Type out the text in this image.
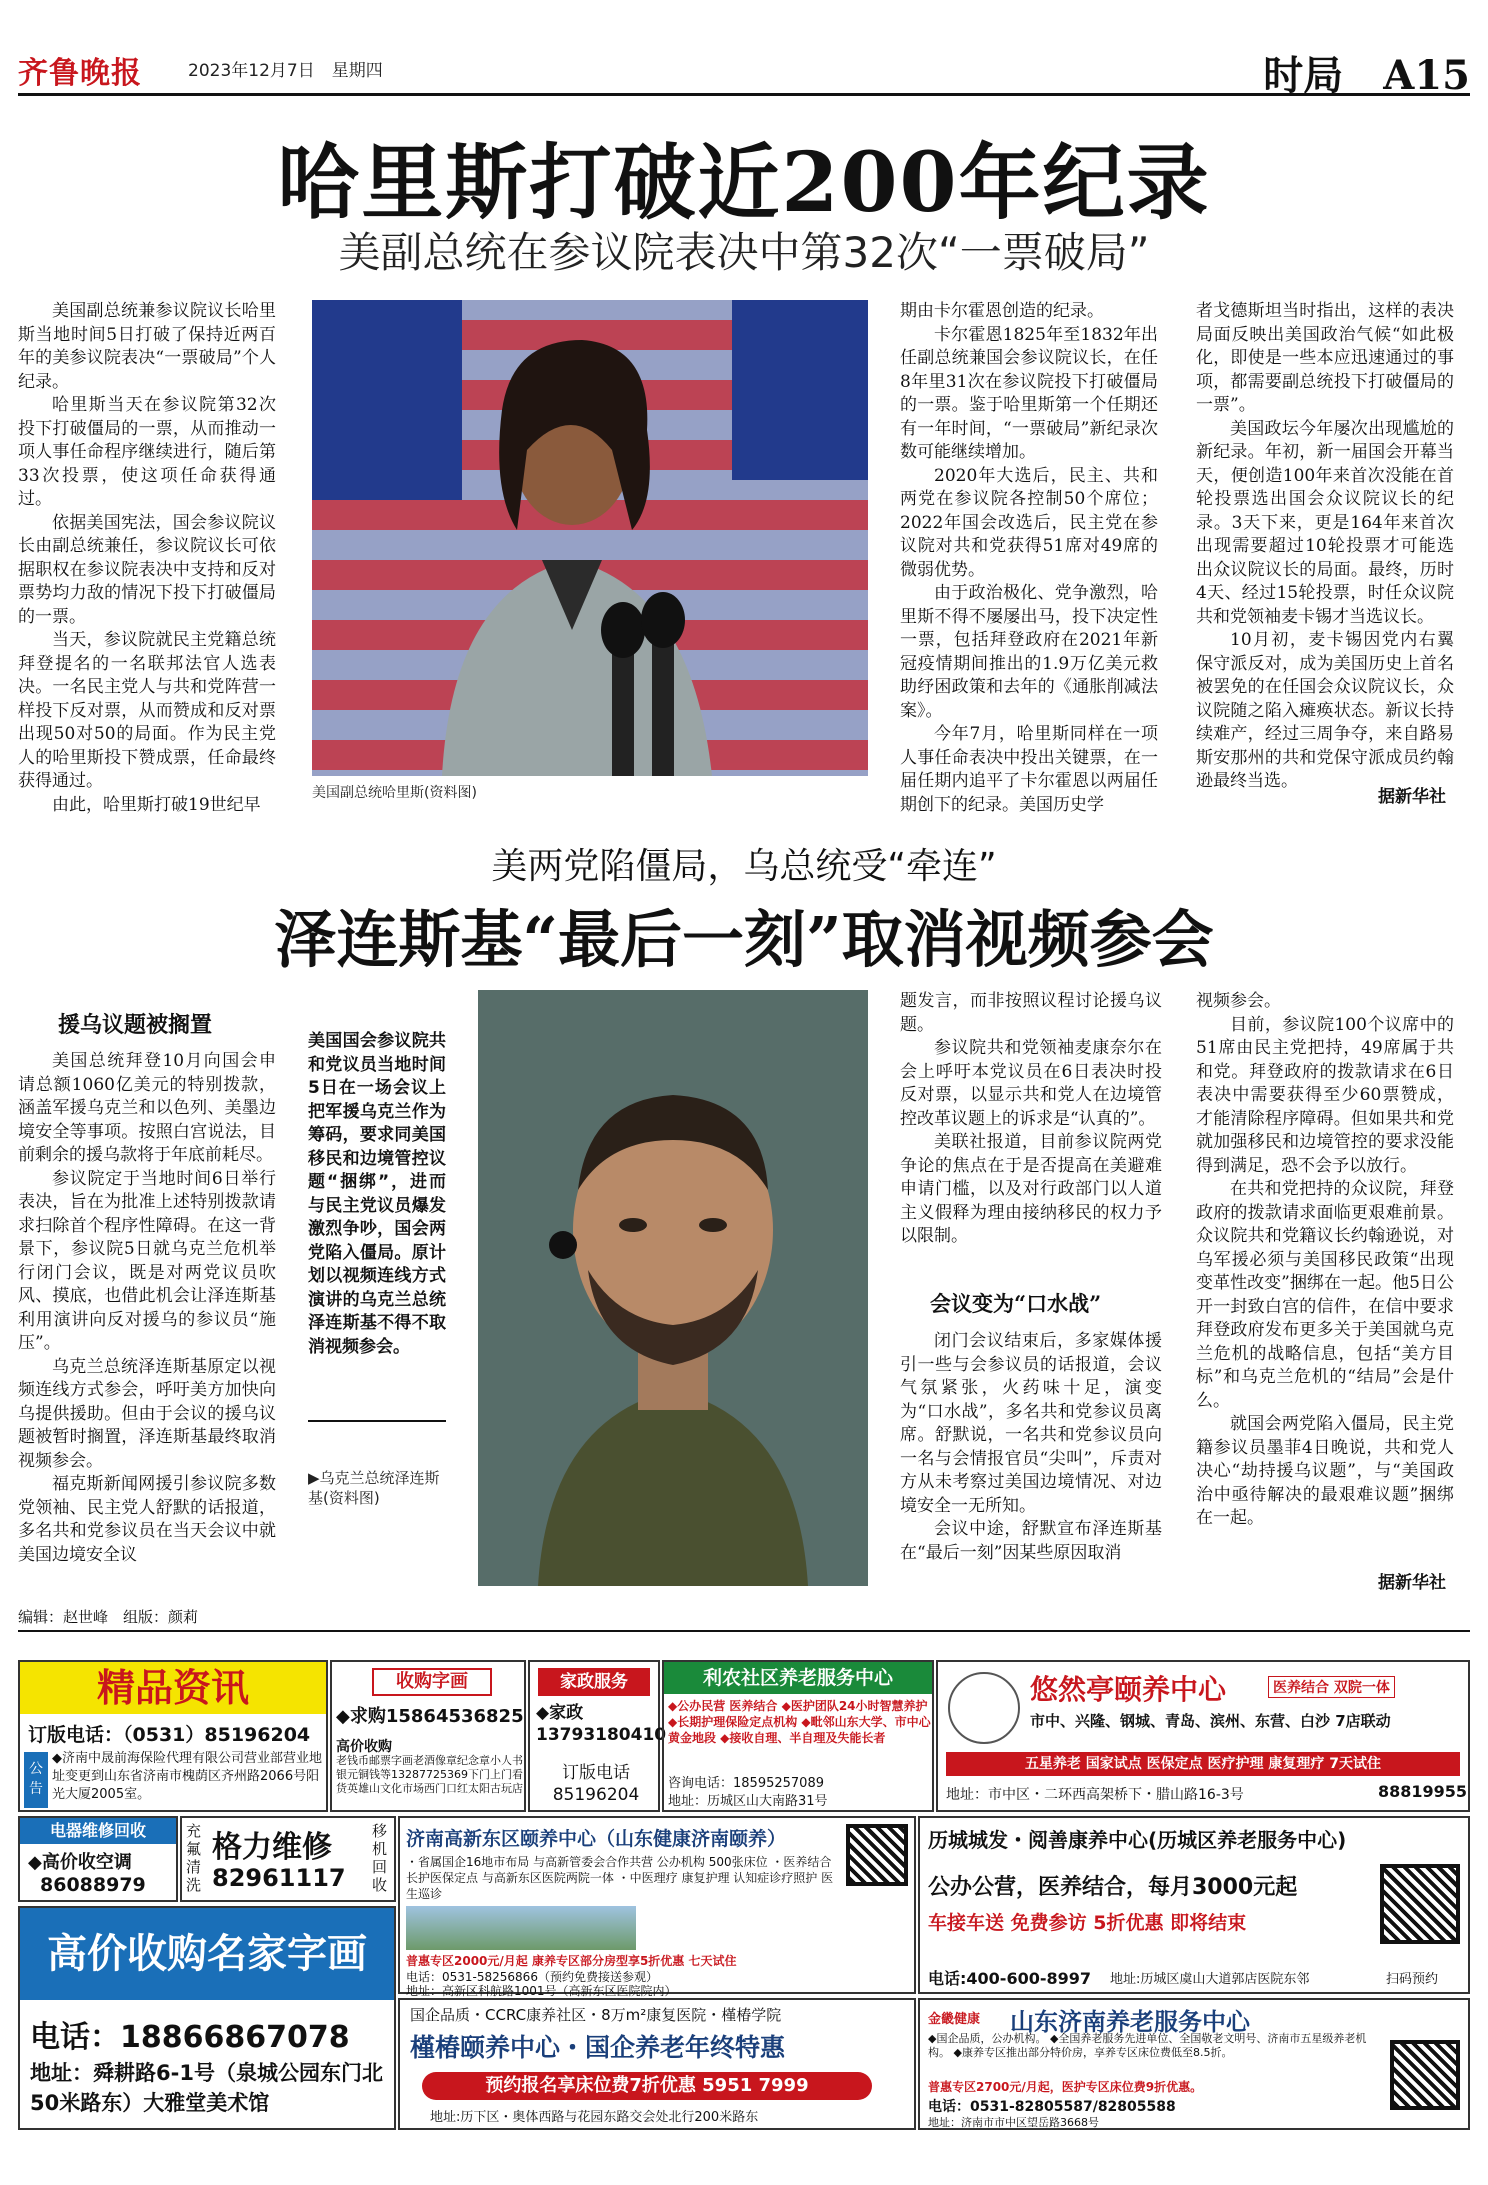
齐鲁晚报	2023年12月7日　星期四	时局　A15
哈里斯打破近200年纪录
美副总统在参议院表决中第32次“一票破局”

美国副总统兼参议院议长哈里斯当地时间5日打破了保持近两百年的美参议院表决“一票破局”个人纪录。

哈里斯当天在参议院第32次投下打破僵局的一票，从而推动一项人事任命程序继续进行，随后第33次投票，使这项任命获得通过。

依据美国宪法，国会参议院议长由副总统兼任，参议院议长可依据职权在参议院表决中支持和反对票势均力敌的情况下投下打破僵局的一票。

当天，参议院就民主党籍总统拜登提名的一名联邦法官人选表决。一名民主党人与共和党阵营一样投下反对票，从而赞成和反对票出现50对50的局面。作为民主党人的哈里斯投下赞成票，任命最终获得通过。

由此，哈里斯打破19世纪早

美国副总统哈里斯(资料图)

期由卡尔霍恩创造的纪录。

卡尔霍恩1825年至1832年出任副总统兼国会参议院议长，在任8年里31次在参议院投下打破僵局的一票。鉴于哈里斯第一个任期还有一年时间，“一票破局”新纪录次数可能继续增加。

2020年大选后，民主、共和两党在参议院各控制50个席位；2022年国会改选后，民主党在参议院对共和党获得51席对49席的微弱优势。

由于政治极化、党争激烈，哈里斯不得不屡屡出马，投下决定性一票，包括拜登政府在2021年新冠疫情期间推出的1.9万亿美元救助纾困政策和去年的《通胀削减法案》。

今年7月，哈里斯同样在一项人事任命表决中投出关键票，在一届任期内追平了卡尔霍恩以两届任期创下的纪录。美国历史学

者戈德斯坦当时指出，这样的表决局面反映出美国政治气候“如此极化，即使是一些本应迅速通过的事项，都需要副总统投下打破僵局的一票”。

美国政坛今年屡次出现尴尬的新纪录。年初，新一届国会开幕当天，便创造100年来首次没能在首轮投票选出国会众议院议长的纪录。3天下来，更是164年来首次出现需要超过10轮投票才可能选出众议院议长的局面。最终，历时4天、经过15轮投票，时任众议院共和党领袖麦卡锡才当选议长。

10月初，麦卡锡因党内右翼保守派反对，成为美国历史上首名被罢免的在任国会众议院议长，众议院随之陷入瘫痪状态。新议长持续难产，经过三周争夺，来自路易斯安那州的共和党保守派成员约翰逊最终当选。

据新华社
美两党陷僵局，乌总统受“牵连”
泽连斯基“最后一刻”取消视频参会
援乌议题被搁置

美国总统拜登10月向国会申请总额1060亿美元的特别拨款，涵盖军援乌克兰和以色列、美墨边境安全等事项。按照白宫说法，目前剩余的援乌款将于年底前耗尽。

参议院定于当地时间6日举行表决，旨在为批准上述特别拨款请求扫除首个程序性障碍。在这一背景下，参议院5日就乌克兰危机举行闭门会议，既是对两党议员吹风、摸底，也借此机会让泽连斯基利用演讲向反对援乌的参议员“施压”。

乌克兰总统泽连斯基原定以视频连线方式参会，呼吁美方加快向乌提供援助。但由于会议的援乌议题被暂时搁置，泽连斯基最终取消视频参会。

福克斯新闻网援引参议院多数党领袖、民主党人舒默的话报道，多名共和党参议员在当天会议中就美国边境安全议

美国国会参议院共和党议员当地时间5日在一场会议上把军援乌克兰作为筹码，要求同美国移民和边境管控议题“捆绑”，进而与民主党议员爆发激烈争吵，国会两党陷入僵局。原计划以视频连线方式演讲的乌克兰总统泽连斯基不得不取消视频参会。
▶乌克兰总统泽连斯基(资料图)

题发言，而非按照议程讨论援乌议题。

参议院共和党领袖麦康奈尔在会上呼吁本党议员在6日表决时投反对票，以显示共和党人在边境管控改革议题上的诉求是“认真的”。

美联社报道，目前参议院两党争论的焦点在于是否提高在美避难申请门槛，以及对行政部门以人道主义假释为理由接纳移民的权力予以限制。

会议变为“口水战”

闭门会议结束后，多家媒体援引一些与会参议员的话报道，会议气氛紧张，火药味十足，演变为“口水战”，多名共和党参议员离席。舒默说，一名共和党参议员向一名与会情报官员“尖叫”，斥责对方从未考察过美国边境情况、对边境安全一无所知。

会议中途，舒默宣布泽连斯基在“最后一刻”因某些原因取消

视频参会。

目前，参议院100个议席中的51席由民主党把持，49席属于共和党。拜登政府的拨款请求在6日表决中需要获得至少60票赞成，才能清除程序障碍。但如果共和党就加强移民和边境管控的要求没能得到满足，恐不会予以放行。

在共和党把持的众议院，拜登政府的拨款请求面临更艰难前景。众议院共和党籍议长约翰逊说，对乌军援必须与美国移民政策“出现变革性改变”捆绑在一起。他5日公开一封致白宫的信件，在信中要求拜登政府发布更多关于美国就乌克兰危机的战略信息，包括“美方目标”和乌克兰危机的“结局”会是什么。

就国会两党陷入僵局，民主党籍参议员墨菲4日晚说，共和党人决心“劫持援乌议题”，与“美国政治中亟待解决的最艰难议题”捆绑在一起。

据新华社
编辑：赵世峰　组版：颜莉
精品资讯
订版电话：（0531）85196204
公告
◆济南中晟前海保险代理有限公司营业部营业地址变更到山东省济南市槐荫区齐州路2066号阳光大厦2005室。
收购字画
◆求购15864536825
高价收购
老钱币邮票字画老酒像章纪念章小人书银元铜钱等13287725369下门上门看货英雄山文化市场西门口红太阳古玩店
家政服务
◆家政13793180410
订版电话85196204
利农社区养老服务中心
◆公办民营 医养结合 ◆医护团队24小时智慧养护 ◆长期护理保险定点机构 ◆毗邻山东大学、市中心黄金地段 ◆接收自理、半自理及失能长者
咨询电话：18595257089
地址：历城区山大南路31号
悠然亭颐养中心	医养结合 双院一体
市中、兴隆、钢城、青岛、滨州、东营、白沙 7店联动
五星养老 国家试点 医保定点 医疗护理 康复理疗 7天试住
地址：市中区・二环西高架桥下・腊山路16-3号	88819955
电器维修回收
◆高价收空调
86088979
充氟清洗
格力维修
82961117
移机回收
济南高新东区颐养中心（山东健康济南颐养）
・省属国企16地市布局 与高新管委会合作共营 公办机构 500张床位 ・医养结合 长护医保定点 与高新东区医院两院一体 ・中医理疗 康复护理 认知症诊疗照护 医生巡诊
普惠专区2000元/月起 康养专区部分房型享5折优惠 七天试住
电话：0531-58256866（预约免费接送参观）
地址：高新区科航路1001号（高新东区医院院内）
历城城发・阅善康养中心(历城区养老服务中心)
公办公营，医养结合，每月3000元起
车接车送 免费参访 5折优惠 即将结束
电话:400-600-8997 地址:历城区虞山大道郭店医院东邻	扫码预约
高价收购名家字画
电话：18866867078
地址：舜耕路6-1号（泉城公园东门北50米路东）大雅堂美术馆
国企品质・CCRC康养社区・8万m²康复医院・槿椿学院
槿椿颐养中心・国企养老年终特惠
预约报名享床位费7折优惠 5951 7999
地址:历下区・奥体西路与花园东路交会处北行200米路东
金畿健康 山东济南养老服务中心
◆国企品质，公办机构。 ◆全国养老服务先进单位、全国敬老文明号、济南市五星级养老机构。 ◆康养专区推出部分特价房，享养专区床位费低至8.5折。
普惠专区2700元/月起，医护专区床位费9折优惠。
电话：0531-82805587/82805588
地址：济南市市中区望岳路3668号
